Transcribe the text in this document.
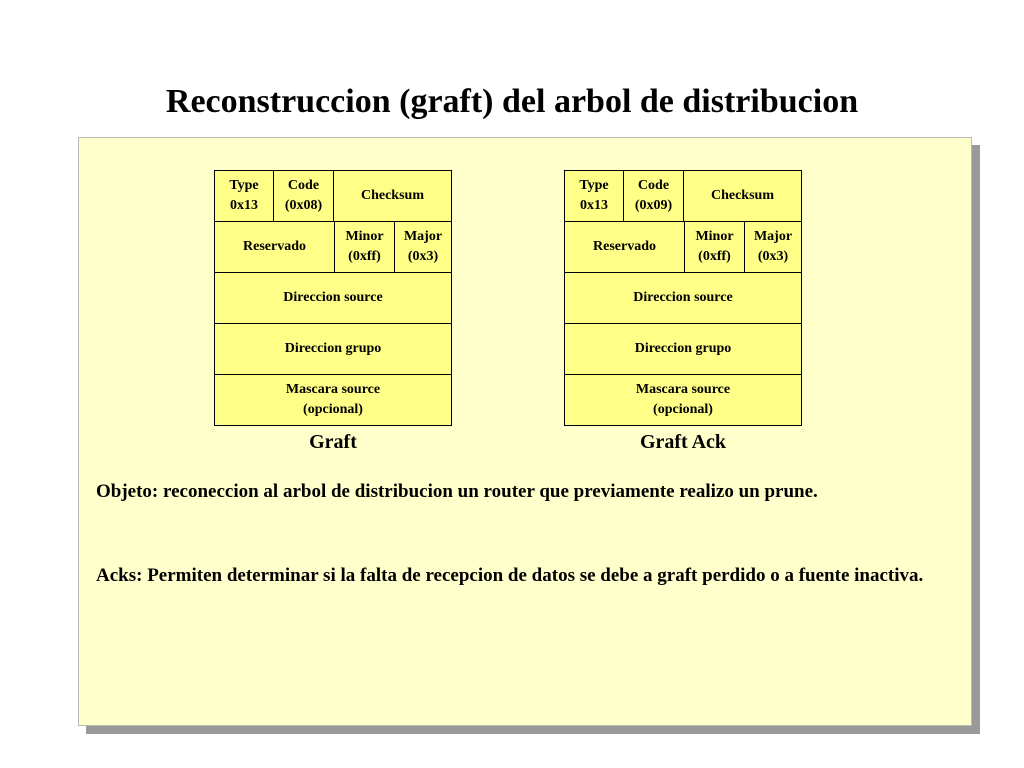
Reconstruccion (graft) del arbol de distribucion
Type
0x13
Code
(0x08)
Checksum
Reservado
Minor
(0xff)
Major
(0x3)
Direccion source
Direccion grupo
Mascara source
(opcional)
Graft
Type
0x13
Code
(0x09)
Checksum
Reservado
Minor
(0xff)
Major
(0x3)
Direccion source
Direccion grupo
Mascara source
(opcional)
Graft Ack

Objeto: reconeccion al arbol de distribucion un router que previamente realizo un prune.

Acks: Permiten determinar si la falta de recepcion de datos se debe a graft perdido o a fuente inactiva.
